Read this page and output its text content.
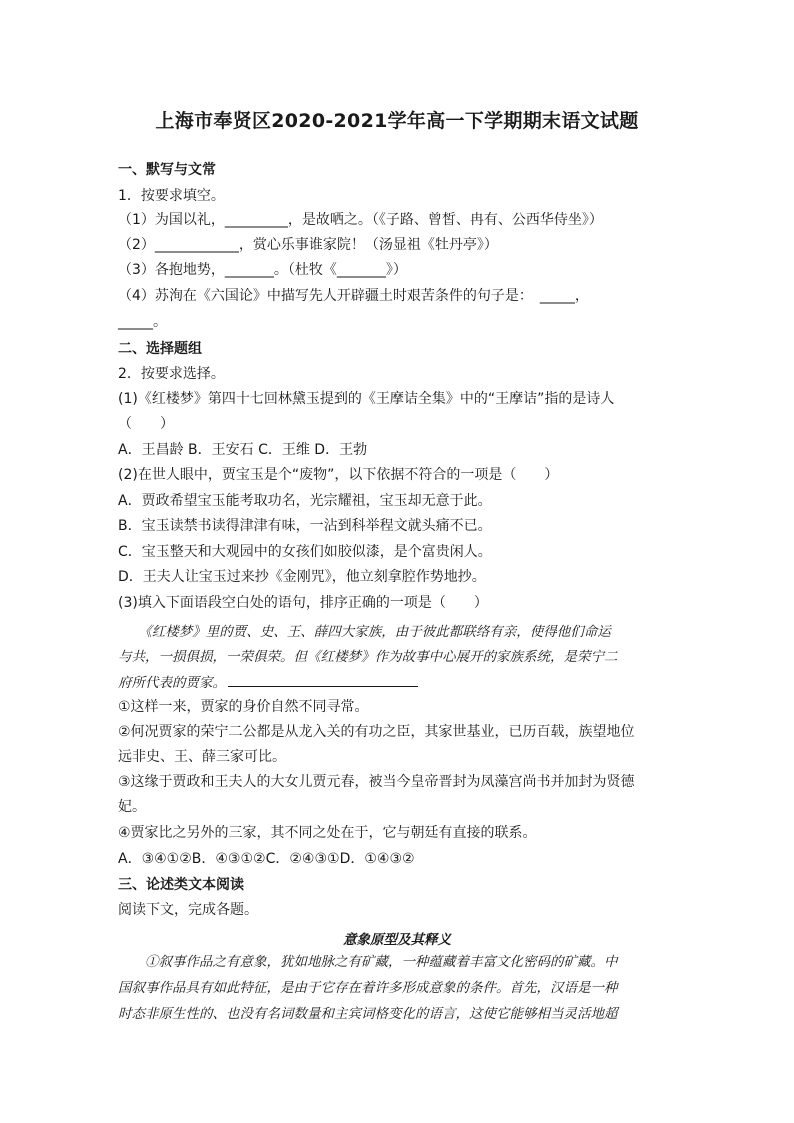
上海市奉贤区2020-2021学年高一下学期期末语文试题
一、默写与文常
1．按要求填空。
（1）为国以礼，_________，是故哂之。（《子路、曾皙、冉有、公西华侍坐》）
（2）____________，赏心乐事谁家院！（汤显祖《牡丹亭》）
（3）各抱地势，_______。（杜牧《_______》）
（4）苏洵在《六国论》中描写先人开辟疆土时艰苦条件的句子是：　_____，
_____。
二、选择题组
2．按要求选择。
(1)《红楼梦》第四十七回林黛玉提到的《王摩诘全集》中的“王摩诘”指的是诗人
（　　）
A．王昌龄 B．王安石 C．王维 D．王勃
(2)在世人眼中，贾宝玉是个“废物”，以下依据不符合的一项是（　　）
A．贾政希望宝玉能考取功名，光宗耀祖，宝玉却无意于此。
B．宝玉读禁书读得津津有味，一沾到科举程文就头痛不已。
C．宝玉整天和大观园中的女孩们如胶似漆，是个富贵闲人。
D．王夫人让宝玉过来抄《金刚咒》，他立刻拿腔作势地抄。
(3)填入下面语段空白处的语句，排序正确的一项是（　　）
　　《红楼梦》里的贾、史、王、薛四大家族，由于彼此都联络有亲，使得他们命运
与共，一损俱损，一荣俱荣。但《红楼梦》作为故事中心展开的家族系统，是荣宁二
府所代表的贾家。
①这样一来，贾家的身价自然不同寻常。
②何况贾家的荣宁二公都是从龙入关的有功之臣，其家世基业，已历百载，族望地位
远非史、王、薛三家可比。
③这缘于贾政和王夫人的大女儿贾元春，被当今皇帝晋封为凤藻宫尚书并加封为贤德
妃。
④贾家比之另外的三家，其不同之处在于，它与朝廷有直接的联系。
A．③④①②B．④③①②C．②④③①D．①④③②
三、论述类文本阅读
阅读下文，完成各题。
意象原型及其释义
　　①叙事作品之有意象，犹如地脉之有矿藏，一种蕴藏着丰富文化密码的矿藏。中
国叙事作品具有如此特征，是由于它存在着许多形成意象的条件。首先，汉语是一种
时态非原生性的、也没有名词数量和主宾词格变化的语言，这使它能够相当灵活地超
